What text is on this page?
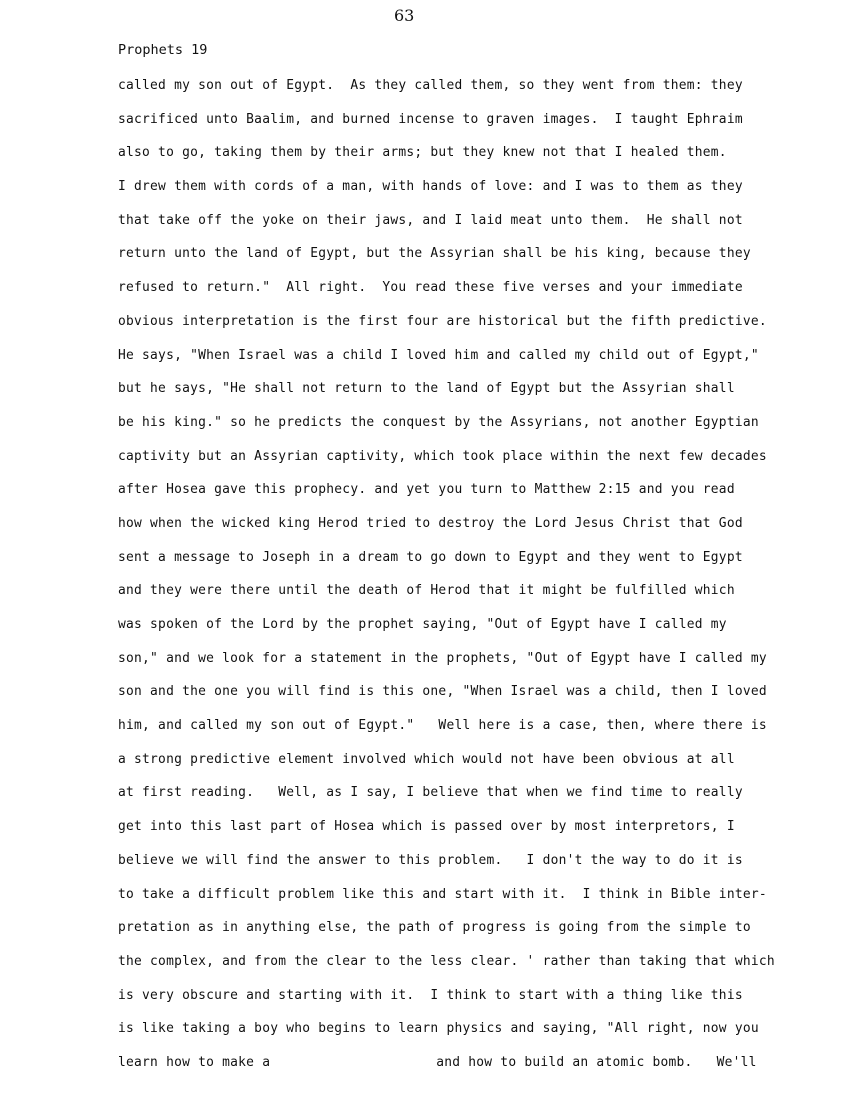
63
Prophets 19
called my son out of Egypt.  As they called them, so they went from them: they
sacrificed unto Baalim, and burned incense to graven images.  I taught Ephraim
also to go, taking them by their arms; but they knew not that I healed them.
I drew them with cords of a man, with hands of love: and I was to them as they
that take off the yoke on their jaws, and I laid meat unto them.  He shall not
return unto the land of Egypt, but the Assyrian shall be his king, because they
refused to return."  All right.  You read these five verses and your immediate
obvious interpretation is the first four are historical but the fifth predictive.
He says, "When Israel was a child I loved him and called my child out of Egypt,"
but he says, "He shall not return to the land of Egypt but the Assyrian shall
be his king." so he predicts the conquest by the Assyrians, not another Egyptian
captivity but an Assyrian captivity, which took place within the next few decades
after Hosea gave this prophecy. and yet you turn to Matthew 2:15 and you read
how when the wicked king Herod tried to destroy the Lord Jesus Christ that God
sent a message to Joseph in a dream to go down to Egypt and they went to Egypt
and they were there until the death of Herod that it might be fulfilled which
was spoken of the Lord by the prophet saying, "Out of Egypt have I called my
son," and we look for a statement in the prophets, "Out of Egypt have I called my
son and the one you will find is this one, "When Israel was a child, then I loved
him, and called my son out of Egypt."   Well here is a case, then, where there is
a strong predictive element involved which would not have been obvious at all
at first reading.   Well, as I say, I believe that when we find time to really
get into this last part of Hosea which is passed over by most interpretors, I
believe we will find the answer to this problem.   I don't the way to do it is
to take a difficult problem like this and start with it.  I think in Bible inter-
pretation as in anything else, the path of progress is going from the simple to
the complex, and from the clear to the less clear. ' rather than taking that which
is very obscure and starting with it.  I think to start with a thing like this
is like taking a boy who begins to learn physics and saying, "All right, now you
learn how to make a	and how to build an atomic bomb.   We'll
